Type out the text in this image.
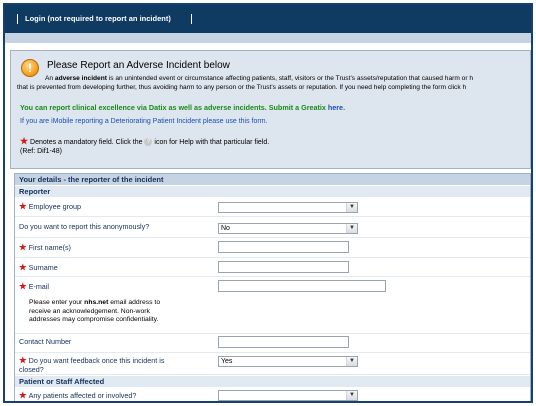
Login (not required to report an incident)
!	Please Report an Adverse Incident below
An adverse incident is an unintended event or circumstance affecting patients, staff, visitors or the Trust's assets/reputation that caused harm or h
that is prevented from developing further, thus avoiding harm to any person or the Trust's assets or reputation. If you need help completing the form click h
You can report clinical excellence via Datix as well as adverse incidents. Submit a Greatix here.
If you are iMobile reporting a Deteriorating Patient Incident please use this form.
★ Denotes a mandatory field. Click the ? icon for Help with that particular field.
(Ref: Dif1-48)
Your details - the reporter of the incident
Reporter
★ Employee group	▼
Do you want to report this anonymously?	No	▼
★ First name(s)
★ Surname
★ E-mail
Please enter your nhs.net email address to
receive an acknowledgement. Non-work
addresses may compromise confidentiality.
Contact Number
★ Do you want feedback once this incident is
closed?
Yes	▼
Patient or Staff Affected
★ Any patients affected or involved?	▼
